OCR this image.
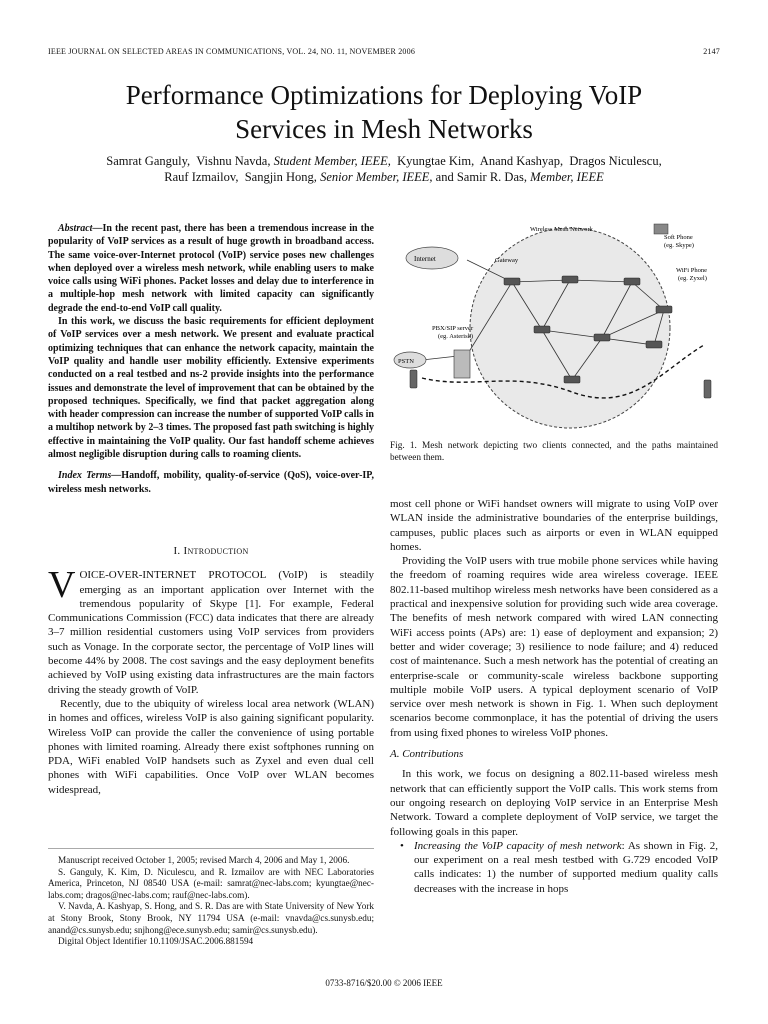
IEEE JOURNAL ON SELECTED AREAS IN COMMUNICATIONS, VOL. 24, NO. 11, NOVEMBER 2006	2147
Performance Optimizations for Deploying VoIP
Services in Mesh Networks
Samrat Ganguly, Vishnu Navda, Student Member, IEEE, Kyungtae Kim, Anand Kashyap, Dragos Niculescu,
Rauf Izmailov, Sangjin Hong, Senior Member, IEEE, and Samir R. Das, Member, IEEE

Abstract—In the recent past, there has been a tremendous increase in the popularity of VoIP services as a result of huge growth in broadband access. The same voice-over-Internet protocol (VoIP) service poses new challenges when deployed over a wireless mesh network, while enabling users to make voice calls using WiFi phones. Packet losses and delay due to interference in a multiple-hop mesh network with limited capacity can significantly degrade the end-to-end VoIP call quality.

In this work, we discuss the basic requirements for efficient deployment of VoIP services over a mesh network. We present and evaluate practical optimizing techniques that can enhance the network capacity, maintain the VoIP quality and handle user mobility efficiently. Extensive experiments conducted on a real testbed and ns-2 provide insights into the performance issues and demonstrate the level of improvement that can be obtained by the proposed techniques. Specifically, we find that packet aggregation along with header compression can increase the number of supported VoIP calls in a multihop network by 2–3 times. The proposed fast path switching is highly effective in maintaining the VoIP quality. Our fast handoff scheme achieves almost negligible disruption during calls to roaming clients.

Index Terms—Handoff, mobility, quality-of-service (QoS), voice-over-IP, wireless mesh networks.

I. Introduction

VOICE-OVER-INTERNET PROTOCOL (VoIP) is steadily emerging as an important application over Internet with the tremendous popularity of Skype [1]. For example, Federal Communications Commission (FCC) data indicates that there are already 3–7 million residential customers using VoIP services from providers such as Vonage. In the corporate sector, the percentage of VoIP lines will become 44% by 2008. The cost savings and the easy deployment benefits achieved by VoIP using existing data infrastructures are the main factors driving the steady growth of VoIP.

Recently, due to the ubiquity of wireless local area network (WLAN) in homes and offices, wireless VoIP is also gaining significant popularity. Wireless VoIP can provide the caller the convenience of using portable phones with limited roaming. Already there exist softphones running on PDA, WiFi enabled VoIP handsets such as Zyxel and even dual cell phones with WiFi capabilities. Once VoIP over WLAN becomes widespread,

Manuscript received October 1, 2005; revised March 4, 2006 and May 1, 2006.

S. Ganguly, K. Kim, D. Niculescu, and R. Izmailov are with NEC Laboratories America, Princeton, NJ 08540 USA (e-mail: samrat@nec-labs.com; kyungtae@nec-labs.com; dragos@nec-labs.com; rauf@nec-labs.com).

V. Navda, A. Kashyap, S. Hong, and S. R. Das are with State University of New York at Stony Brook, Stony Brook, NY 11794 USA (e-mail: vnavda@cs.sunysb.edu; anand@cs.sunysb.edu; snjhong@ece.sunysb.edu; samir@cs.sunysb.edu).

Digital Object Identifier 10.1109/JSAC.2006.881594

Internet	Gateway
PSTN
PBX/SIP server
(eg. Asterisk)
Wireless Mesh Network
Soft Phone
(eg. Skype)
WiFi Phone
(eg. Zyxel)
Fig. 1. Mesh network depicting two clients connected, and the paths maintained between them.

most cell phone or WiFi handset owners will migrate to using VoIP over WLAN inside the administrative boundaries of the enterprise buildings, campuses, public places such as airports or even in WLAN equipped homes.

Providing the VoIP users with true mobile phone services while having the freedom of roaming requires wide area wireless coverage. IEEE 802.11-based multihop wireless mesh networks have been considered as a practical and inexpensive solution for providing such wide area coverage. The benefits of mesh network compared with wired LAN connecting WiFi access points (APs) are: 1) ease of deployment and expansion; 2) better and wider coverage; 3) resilience to node failure; and 4) reduced cost of maintenance. Such a mesh network has the potential of creating an enterprise-scale or community-scale wireless backbone supporting multiple mobile VoIP users. A typical deployment scenario of VoIP service over mesh network is shown in Fig. 1. When such deployment scenarios become commonplace, it has the potential of driving the users from using fixed phones to wireless VoIP phones.

A. Contributions

In this work, we focus on designing a 802.11-based wireless mesh network that can efficiently support the VoIP calls. This work stems from our ongoing research on deploying VoIP service in an Enterprise Mesh Network. Toward a complete deployment of VoIP service, we target the following goals in this paper.

• Increasing the VoIP capacity of mesh network: As shown in Fig. 2, our experiment on a real mesh testbed with G.729 encoded VoIP calls indicates: 1) the number of supported medium quality calls decreases with the increase in hops

0733-8716/$20.00 © 2006 IEEE
